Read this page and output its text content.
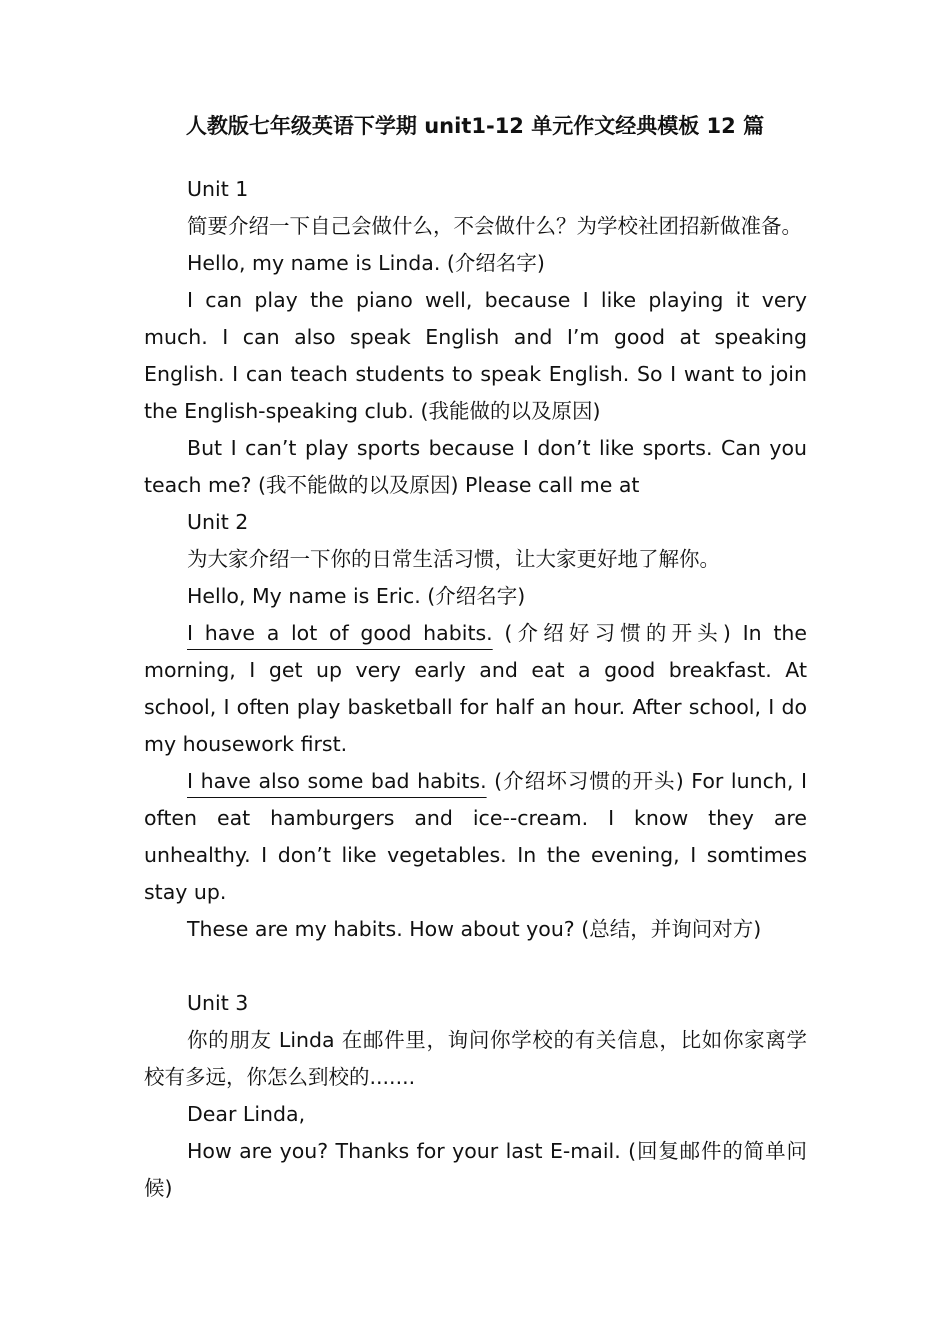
人教版七年级英语下学期 unit1-12 单元作文经典模板 12 篇

Unit 1

简要介绍一下自己会做什么，不会做什么？为学校社团招新做准备。

Hello, my name is Linda. (介绍名字)

I can play the piano well, because I like playing it very much. I can also speak English and I’m good at speaking English. I can teach students to speak English. So I want to join the English-speaking club. (我能做的以及原因)

But I can’t play sports because I don’t like sports. Can you teach me? (我不能做的以及原因) Please call me at

Unit 2

为大家介绍一下你的日常生活习惯，让大家更好地了解你。

Hello, My name is Eric. (介绍名字)

I have a lot of good habits. (介绍好习惯的开头) In the morning, I get up very early and eat a good breakfast. At school, I often play basketball for half an hour. After school, I do my housework first.

I have also some bad habits. (介绍坏习惯的开头) For lunch, I often eat hamburgers and ice--cream. I know they are unhealthy. I don’t like vegetables. In the evening, I somtimes stay up.

These are my habits. How about you? (总结，并询问对方)

Unit 3

你的朋友 Linda 在邮件里，询问你学校的有关信息，比如你家离学校有多远，你怎么到校的.......

Dear Linda,

How are you? Thanks for your last E-mail. (回复邮件的简单问候)
